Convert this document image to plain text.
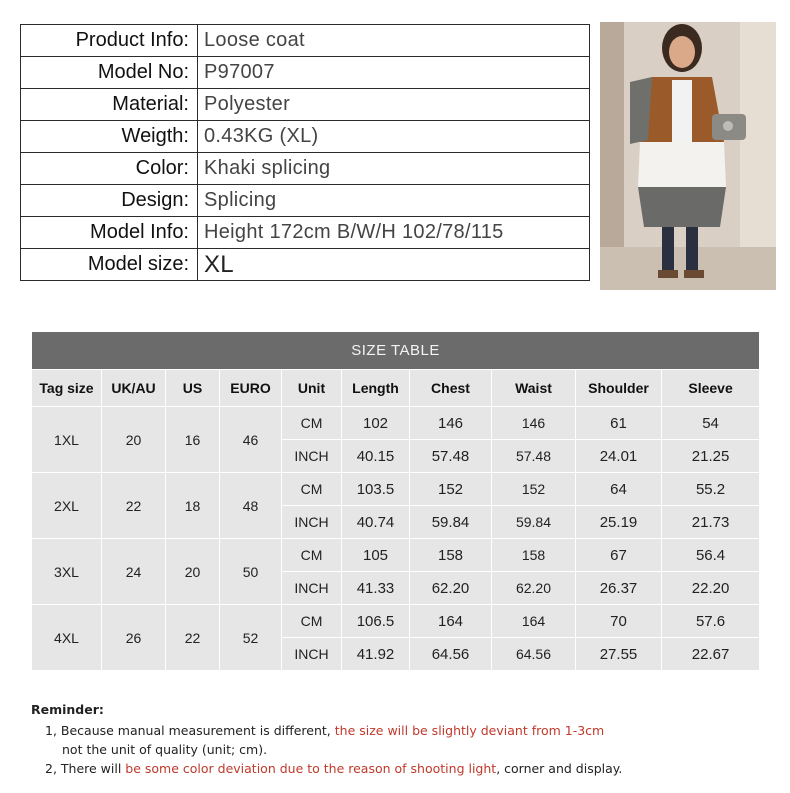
Product Info:	Loose coat
Model No:	P97007
Material:	Polyester
Weigth:	0.43KG (XL)
Color:	Khaki splicing
Design:	Splicing
Model Info:	Height 172cm B/W/H 102/78/115
Model size:	XL
SIZE TABLE									
Tag size	UK/AU	US	EURO	Unit	Length	Chest	Waist	Shoulder	Sleeve
1XL	20	16	46	CM	102	146	146	61	54
				INCH	40.15	57.48	57.48	24.01	21.25
2XL	22	18	48	CM	103.5	152	152	64	55.2
				INCH	40.74	59.84	59.84	25.19	21.73
3XL	24	20	50	CM	105	158	158	67	56.4
				INCH	41.33	62.20	62.20	26.37	22.20
4XL	26	22	52	CM	106.5	164	164	70	57.6
				INCH	41.92	64.56	64.56	27.55	22.67
Reminder:
1, Because manual measurement is different, the size will be slightly deviant from 1-3cm
not the unit of quality (unit; cm).
2, There will be some color deviation due to the reason of shooting light, corner and display.
